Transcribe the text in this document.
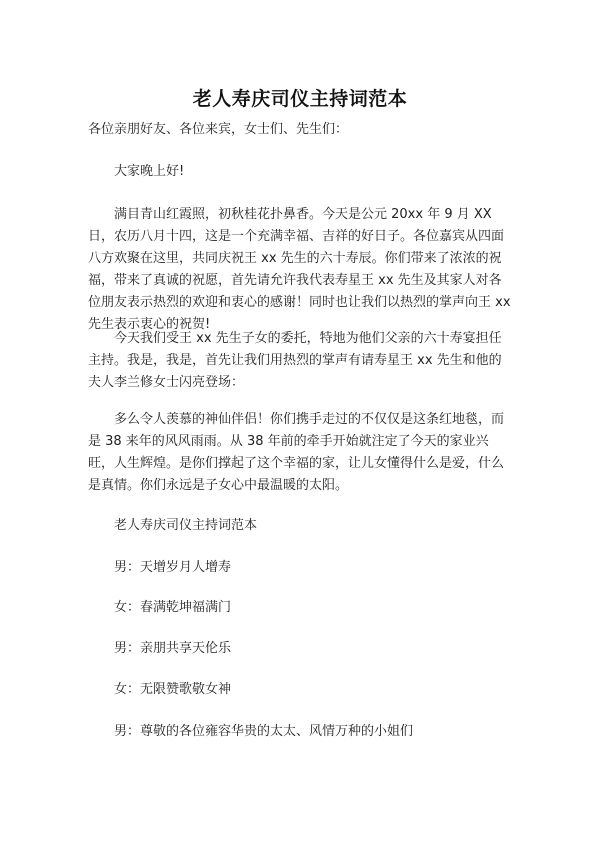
老人寿庆司仪主持词范本
各位亲朋好友、各位来宾，女士们、先生们：
大家晚上好!
满目青山红霞照，初秋桂花扑鼻香。今天是公元 20xx 年 9 月 XX 日，农历八月十四，这是一个充满幸福、吉祥的好日子。各位嘉宾从四面八方欢聚在这里，共同庆祝王 xx 先生的六十寿辰。你们带来了浓浓的祝福，带来了真诚的祝愿，首先请允许我代表寿星王 xx 先生及其家人对各位朋友表示热烈的欢迎和衷心的感谢！同时也让我们以热烈的掌声向王 xx 先生表示衷心的祝贺!
今天我们受王 xx 先生子女的委托，特地为他们父亲的六十寿宴担任主持。我是，我是，首先让我们用热烈的掌声有请寿星王 xx 先生和他的夫人李兰修女士闪亮登场：
多么令人羡慕的神仙伴侣！你们携手走过的不仅仅是这条红地毯，而是 38 来年的风风雨雨。从 38 年前的牵手开始就注定了今天的家业兴旺，人生辉煌。是你们撑起了这个幸福的家，让儿女懂得什么是爱，什么是真情。你们永远是子女心中最温暖的太阳。
老人寿庆司仪主持词范本
男：天增岁月人增寿
女：春满乾坤福满门
男：亲朋共享天伦乐
女：无限赞歌敬女神
男：尊敬的各位雍容华贵的太太、风情万种的小姐们
